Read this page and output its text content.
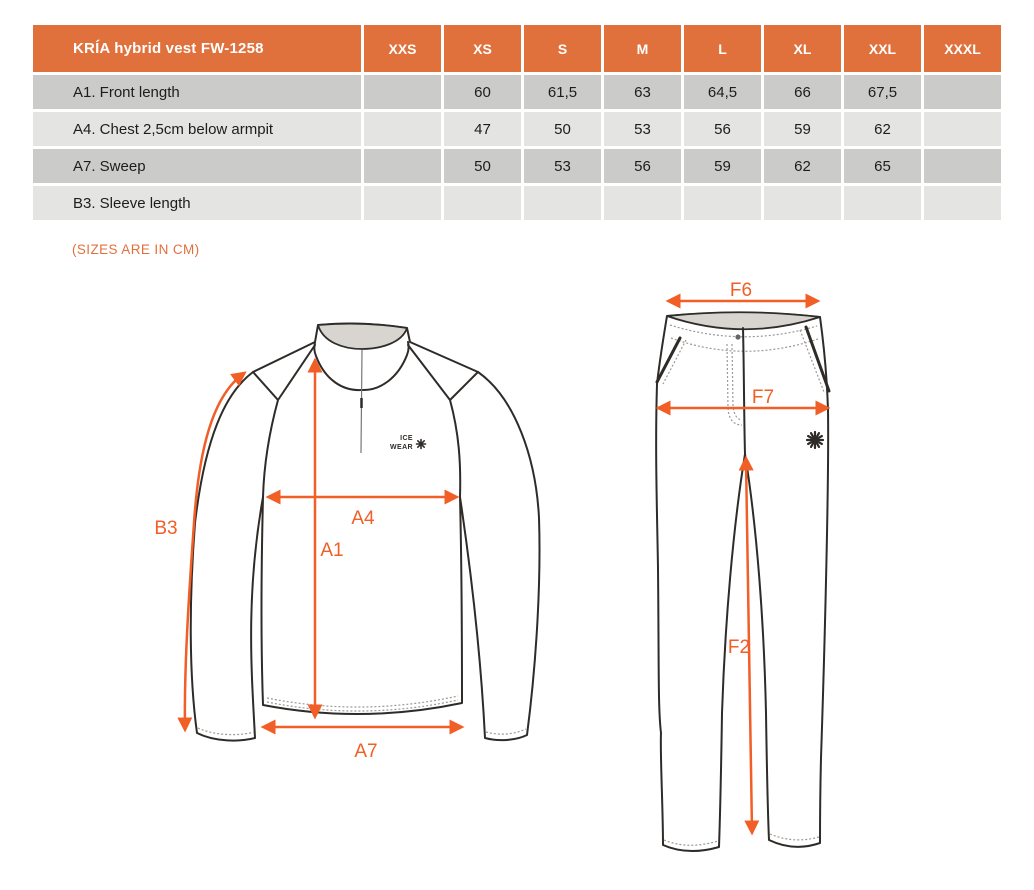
KRÍA hybrid vest FW-1258	XXS	XS	S	M	L	XL	XXL	XXXL
A1. Front length		60	61,5	63	64,5	66	67,5	
A4. Chest 2,5cm below armpit		47	50	53	56	59	62	
A7. Sweep		50	53	56	59	62	65	
B3. Sleeve length								
(SIZES ARE IN CM)
ICE
WEAR
B3	A4
A1
A7
F6
F7
F2
